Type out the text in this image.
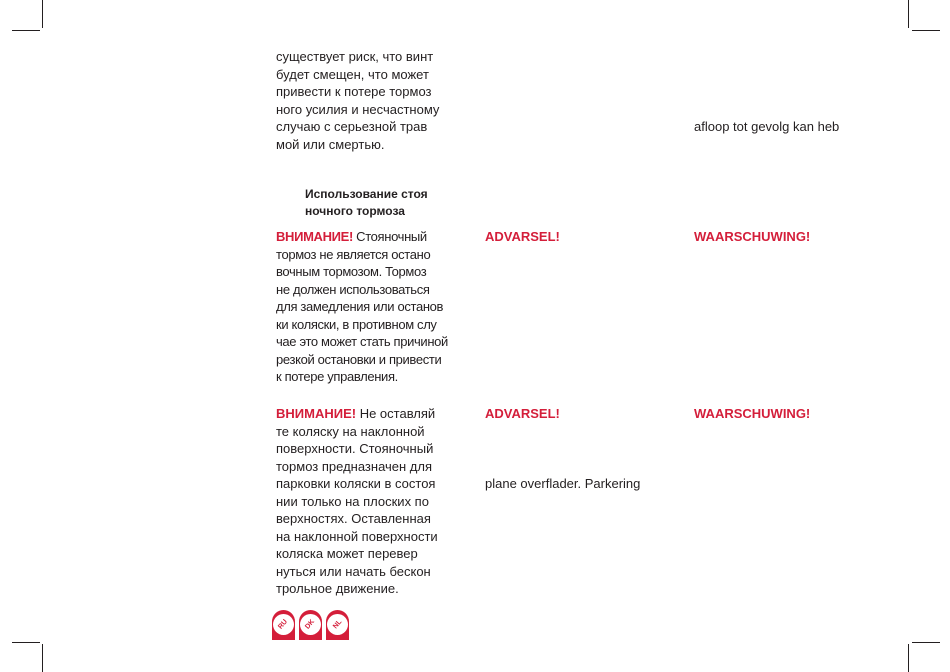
существует риск, что винт
будет смещен, что может
привести к потере тормоз
ного усилия и несчастному
случаю с серьезной трав
мой или смертью.
Использование стоя
ночного тормоза
ВНИМАНИЕ! Стояночный
тормоз не является остано
вочным тормозом. Тормоз
не должен использоваться
для замедления или останов
ки коляски, в противном слу
чае это может стать причиной
резкой остановки и привести
к потере управления.
ВНИМАНИЕ! Не оставляй
те коляску на наклонной
поверхности. Стояночный
тормоз предназначен для
парковки коляски в состоя
нии только на плоских по
верхностях. Оставленная
на наклонной поверхности
коляска может перевер
нуться или начать бескон
трольное движение.
ADVARSEL!
ADVARSEL!
plane overflader. Parkering
afloop tot gevolg kan heb
WAARSCHUWING!
WAARSCHUWING!
RU DK NL
